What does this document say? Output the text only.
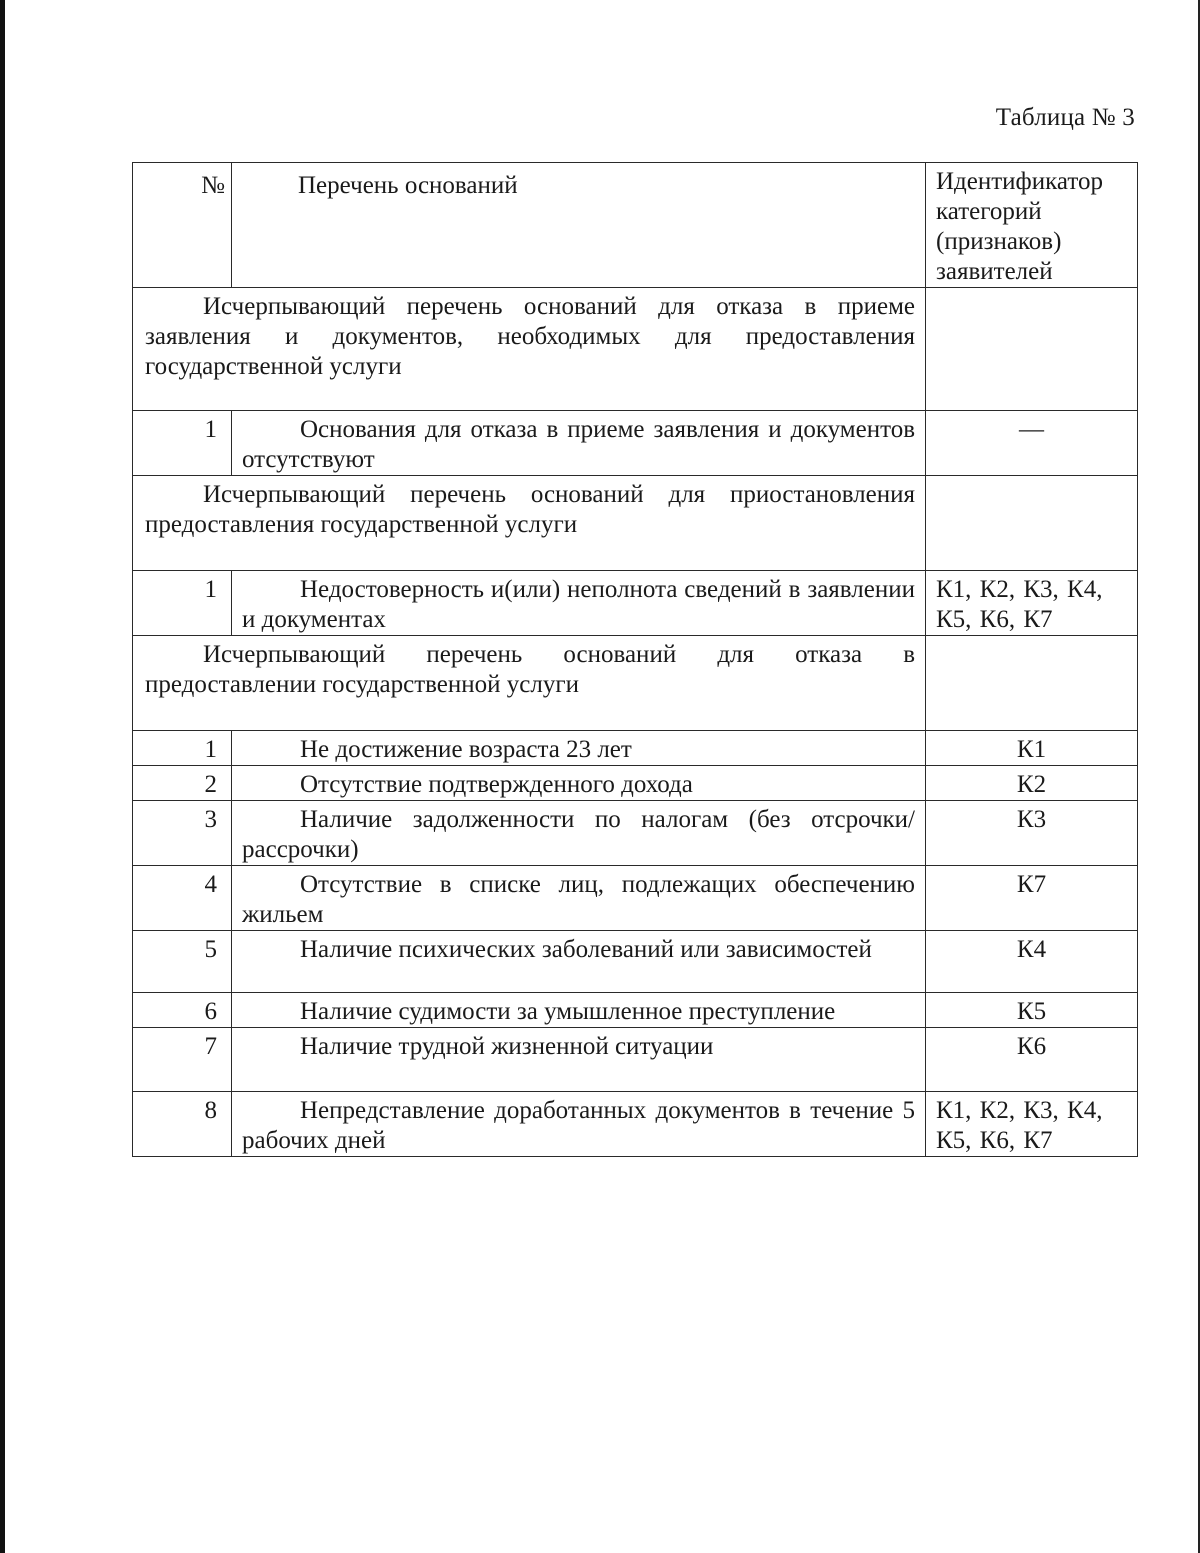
Таблица № 3
№	Перечень оснований	Идентификатор категорий (признаков) заявителей

Исчерпывающий перечень оснований для отказа в приеме заявления и документов, необходимых для предоставления государственной услуги		

1	Основания для отказа в приеме заявления и документов отсутствуют	—

Исчерпывающий перечень оснований для приостановления предоставления государственной услуги		

1	Недостоверность и(или) неполнота сведений в заявлении и документах	К1, К2, К3, К4, К5, К6, К7

Исчерпывающий перечень оснований для отказа в предоставлении государственной услуги		

1	Не достижение возраста 23 лет	К1
2	Отсутствие подтвержденного дохода	К2
3	Наличие задолженности по налогам (без отсрочки/рассрочки)	К3
4	Отсутствие в списке лиц, подлежащих обеспечению жильем	К7
5	Наличие психических заболеваний или зависимостей	К4
6	Наличие судимости за умышленное преступление	К5
7	Наличие трудной жизненной ситуации	К6
8	Непредставление доработанных документов в течение 5 рабочих дней	К1, К2, К3, К4, К5, К6, К7
